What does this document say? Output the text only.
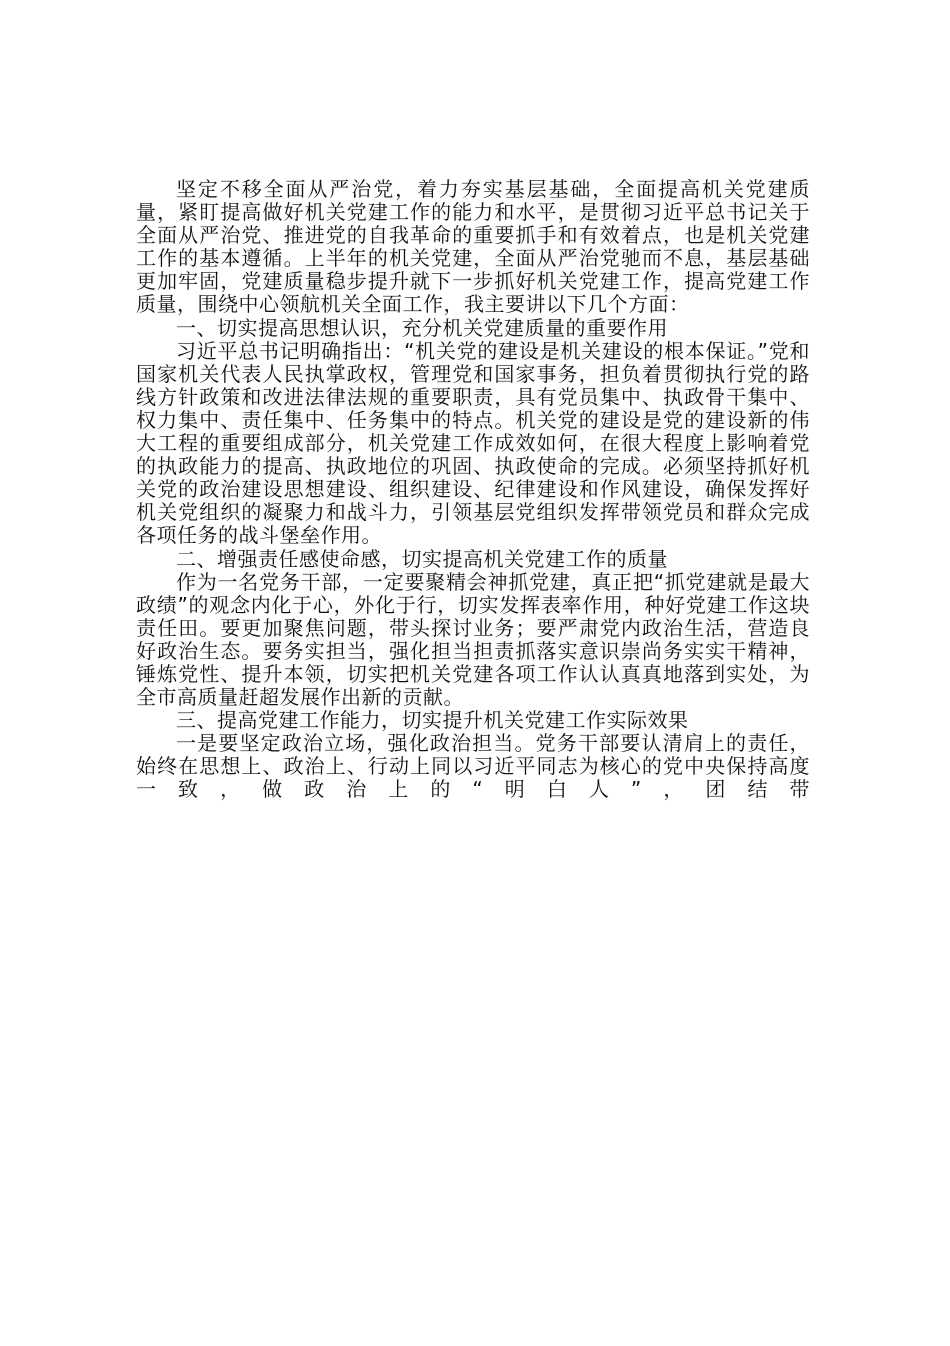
坚定不移全面从严治党，着力夯实基层基础，全面提高机关党建质量，紧盯提高做好机关党建工作的能力和水平，是贯彻习近平总书记关于全面从严治党、推进党的自我革命的重要抓手和有效着点，也是机关党建工作的基本遵循。上半年的机关党建，全面从严治党驰而不息，基层基础更加牢固，党建质量稳步提升就下一步抓好机关党建工作，提高党建工作质量，围绕中心领航机关全面工作，我主要讲以下几个方面：

一、切实提高思想认识，充分机关党建质量的重要作用

习近平总书记明确指出：“机关党的建设是机关建设的根本保证。”党和国家机关代表人民执掌政权，管理党和国家事务，担负着贯彻执行党的路线方针政策和改进法律法规的重要职责，具有党员集中、执政骨干集中、权力集中、责任集中、任务集中的特点。机关党的建设是党的建设新的伟大工程的重要组成部分，机关党建工作成效如何，在很大程度上影响着党的执政能力的提高、执政地位的巩固、执政使命的完成。必须坚持抓好机关党的政治建设思想建设、组织建设、纪律建设和作风建设，确保发挥好机关党组织的凝聚力和战斗力，引领基层党组织发挥带领党员和群众完成各项任务的战斗堡垒作用。

二、增强责任感使命感，切实提高机关党建工作的质量

作为一名党务干部，一定要聚精会神抓党建，真正把“抓党建就是最大政绩”的观念内化于心，外化于行，切实发挥表率作用，种好党建工作这块责任田。要更加聚焦问题，带头探讨业务；要严肃党内政治生活，营造良好政治生态。要务实担当，强化担当担责抓落实意识崇尚务实实干精神，锤炼党性、提升本领，切实把机关党建各项工作认认真真地落到实处，为全市高质量赶超发展作出新的贡献。

三、提高党建工作能力，切实提升机关党建工作实际效果

一是要坚定政治立场，强化政治担当。党务干部要认清肩上的责任，始终在思想上、政治上、行动上同以习近平同志为核心的党中央保持高度一致，做政治上的“明白人”，团结带
